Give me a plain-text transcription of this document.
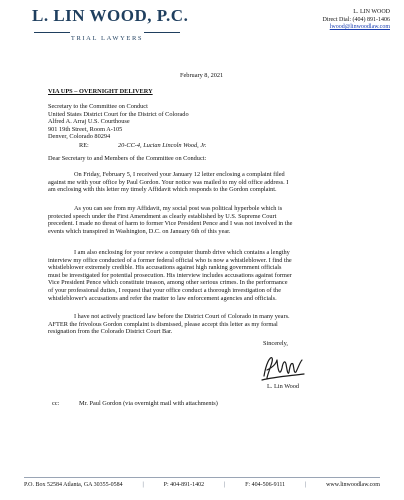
L. LIN WOOD, P.C.
TRIAL LAWYERS
L. LIN WOOD
Direct Dial: (404) 891-1406
lwood@linwoodlaw.com
February 8, 2021
VIA UPS – OVERNIGHT DELIVERY
Secretary to the Committee on Conduct
United States District Court for the District of Colorado
Alfred A. Arraj U.S. Courthouse
901 19th Street, Room A-105
Denver, Colorado 80294
RE:	20-CC-4, Lucian Lincoln Wood, Jr.
Dear Secretary to and Members of the Committee on Conduct:
On Friday, February 5, I received your January 12 letter enclosing a complaint filed
against me with your office by Paul Gordon. Your notice was mailed to my old office address. I
am enclosing with this letter my timely Affidavit which responds to the Gordon complaint.
As you can see from my Affidavit, my social post was political hyperbole which is
protected speech under the First Amendment as clearly established by U.S. Supreme Court
precedent. I made no threat of harm to former Vice President Pence and I was not involved in the
events which transpired in Washington, D.C. on January 6th of this year.
I am also enclosing for your review a computer thumb drive which contains a lengthy
interview my office conducted of a former federal official who is now a whistleblower. I find the
whistleblower extremely credible. His accusations against high ranking government officials
must be investigated for potential prosecution. His interview includes accusations against former
Vice President Pence which constitute treason, among other serious crimes. In the performance
of your professional duties, I request that your office conduct a thorough investigation of the
whistleblower's accusations and refer the matter to law enforcement agencies and officials.
I have not actively practiced law before the District Court of Colorado in many years.
AFTER the frivolous Gordon complaint is dismissed, please accept this letter as my formal
resignation from the Colorado District Court Bar.
Sincerely,
L. Lin Wood
cc:	Mr. Paul Gordon (via overnight mail with attachments)
P.O. Box 52584 Atlanta, GA 30355-0584	|	P: 404-891-1402	|	F: 404-506-9111	|	www.linwoodlaw.com
